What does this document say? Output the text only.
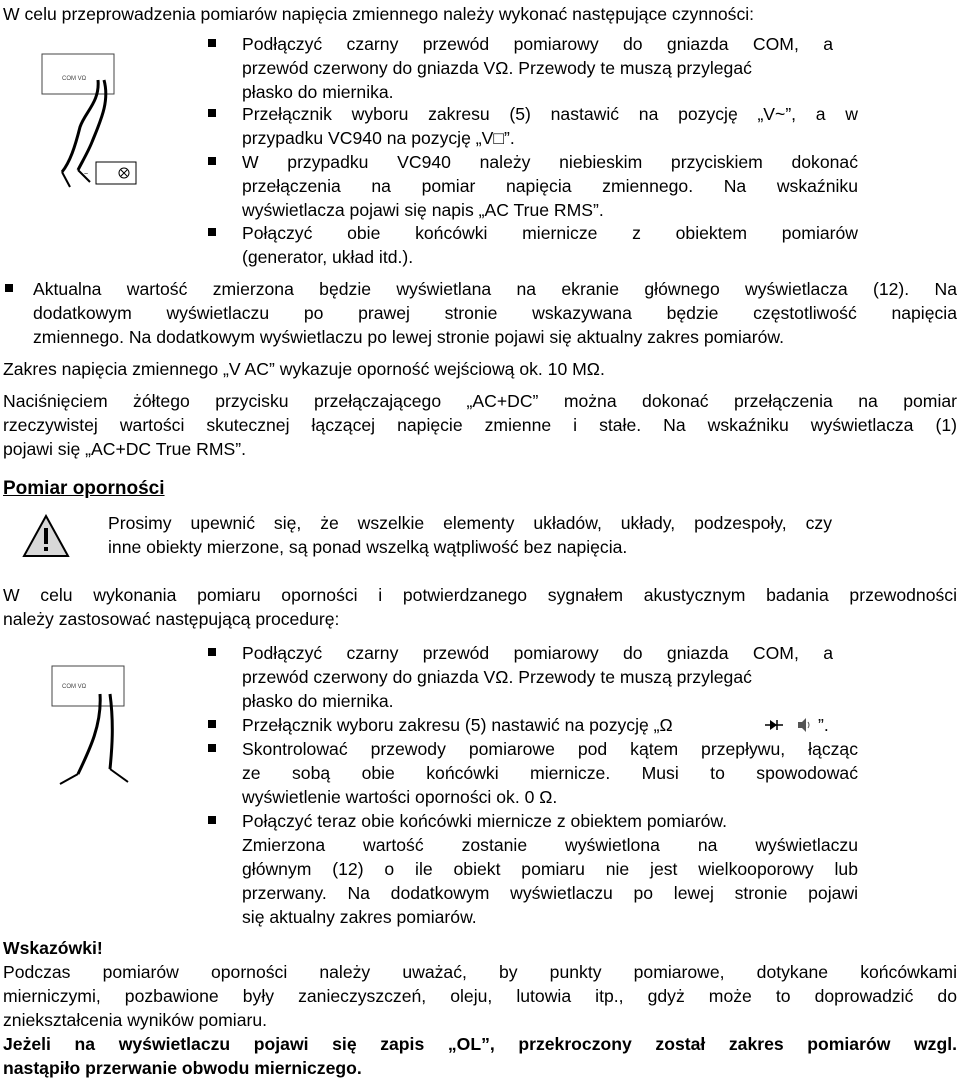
W celu przeprowadzenia pomiarów napięcia zmiennego należy wykonać następujące czynności:
COM VΩ
~
Podłączyć czarny przewód pomiarowy do gniazda COM, a
przewód czerwony do gniazda VΩ. Przewody te muszą przylegać
płasko do miernika.
Przełącznik wyboru zakresu (5) nastawić na pozycję „V~”, a w
przypadku VC940 na pozycję „V□”.
W przypadku VC940 należy niebieskim przyciskiem dokonać
przełączenia na pomiar napięcia zmiennego. Na wskaźniku
wyświetlacza pojawi się napis „AC True RMS”.
Połączyć obie końcówki miernicze z obiektem pomiarów
(generator, układ itd.).
Aktualna wartość zmierzona będzie wyświetlana na ekranie głównego wyświetlacza (12). Na
dodatkowym wyświetlaczu po prawej stronie wskazywana będzie częstotliwość napięcia
zmiennego. Na dodatkowym wyświetlaczu po lewej stronie pojawi się aktualny zakres pomiarów.
Zakres napięcia zmiennego „V AC” wykazuje oporność wejściową ok. 10 MΩ.
Naciśnięciem żółtego przycisku przełączającego „AC+DC” można dokonać przełączenia na pomiar
rzeczywistej wartości skutecznej łączącej napięcie zmienne i stałe. Na wskaźniku wyświetlacza (1)
pojawi się „AC+DC True RMS”.
Pomiar oporności
Prosimy upewnić się, że wszelkie elementy układów, układy, podzespoły, czy
inne obiekty mierzone, są ponad wszelką wątpliwość bez napięcia.
W celu wykonania pomiaru oporności i potwierdzanego sygnałem akustycznym badania przewodności
należy zastosować następującą procedurę:
COM VΩ
Podłączyć czarny przewód pomiarowy do gniazda COM, a
przewód czerwony do gniazda VΩ. Przewody te muszą przylegać
płasko do miernika.
Przełącznik wyboru zakresu (5) nastawić na pozycję „Ω	”.
Skontrolować przewody pomiarowe pod kątem przepływu, łącząc
ze sobą obie końcówki miernicze. Musi to spowodować
wyświetlenie wartości oporności ok. 0 Ω.
Połączyć teraz obie końcówki miernicze z obiektem pomiarów.
Zmierzona wartość zostanie wyświetlona na wyświetlaczu
głównym (12) o ile obiekt pomiaru nie jest wielkooporowy lub
przerwany. Na dodatkowym wyświetlaczu po lewej stronie pojawi
się aktualny zakres pomiarów.
Wskazówki!
Podczas pomiarów oporności należy uważać, by punkty pomiarowe, dotykane końcówkami
mierniczymi, pozbawione były zanieczyszczeń, oleju, lutowia itp., gdyż może to doprowadzić do
zniekształcenia wyników pomiaru.
Jeżeli na wyświetlaczu pojawi się zapis „OL”, przekroczony został zakres pomiarów wzgl.
nastąpiło przerwanie obwodu mierniczego.
